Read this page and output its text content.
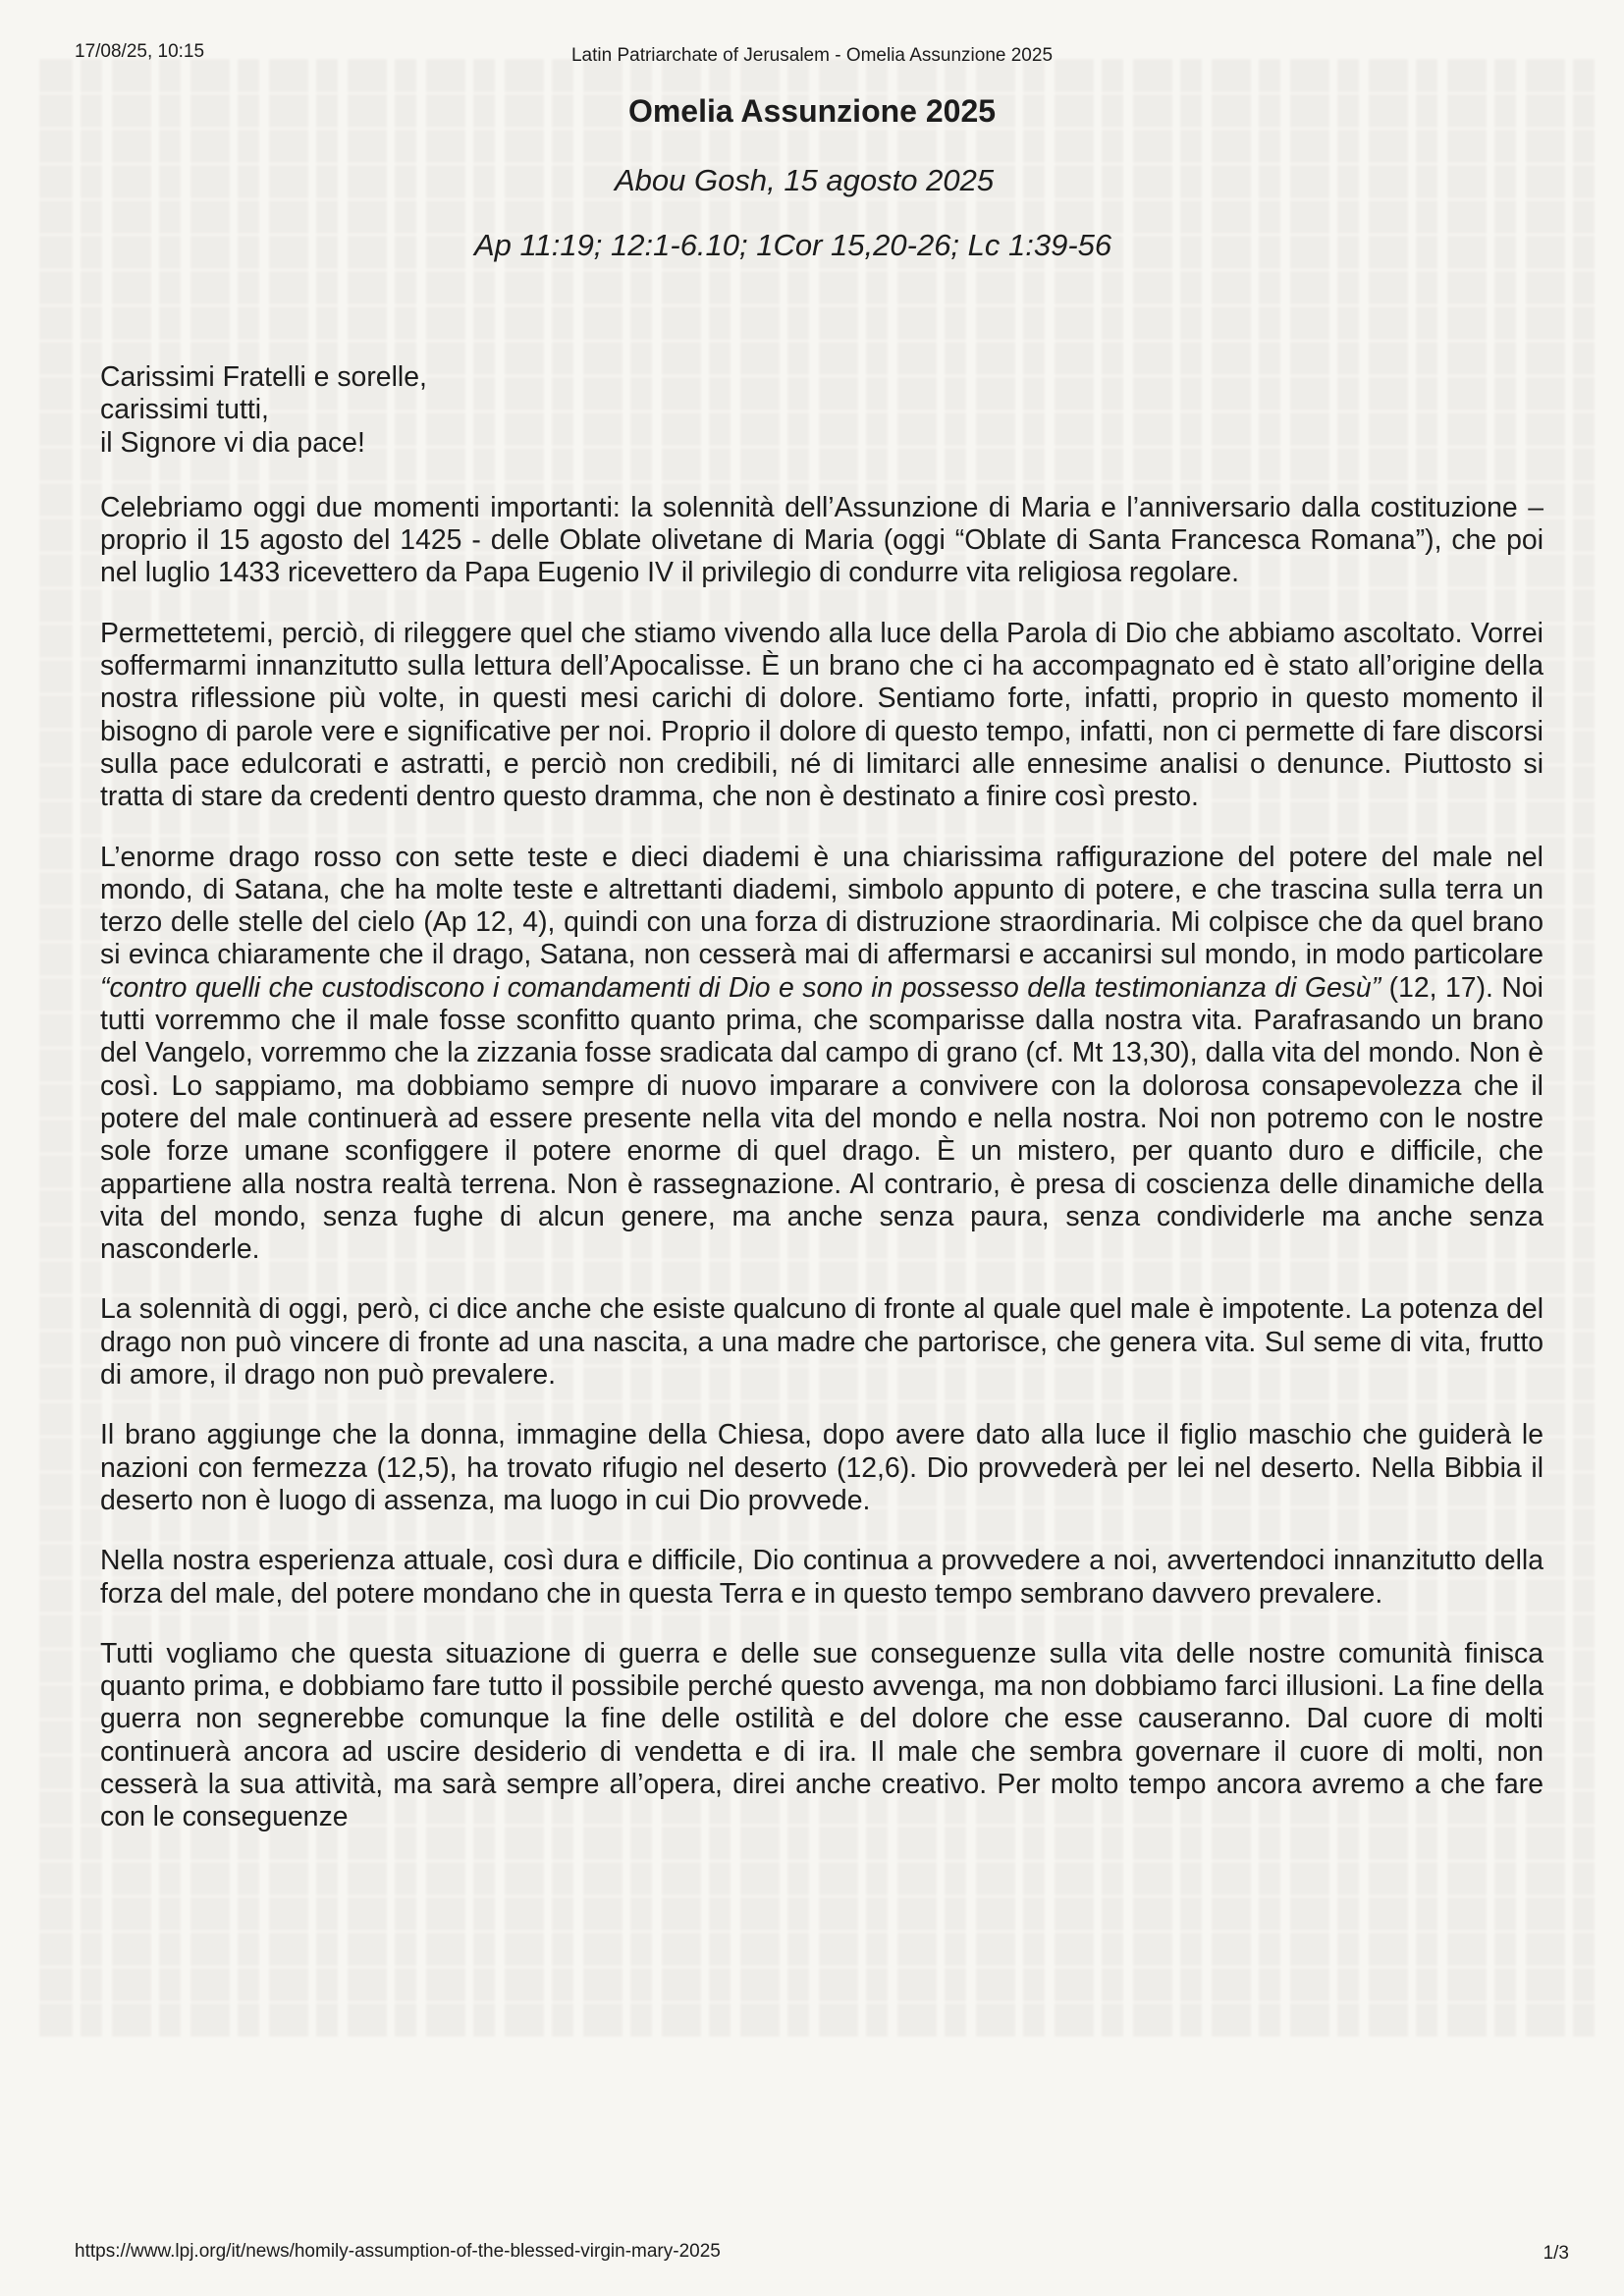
17/08/25, 10:15	Latin Patriarchate of Jerusalem - Omelia Assunzione 2025
Omelia Assunzione 2025
Abou Gosh, 15 agosto 2025
Ap 11:19; 12:1-6.10; 1Cor 15,20-26; Lc 1:39-56
Carissimi Fratelli e sorelle,
carissimi tutti,
il Signore vi dia pace!

Celebriamo oggi due momenti importanti: la solennità dell’Assunzione di Maria e l’anniversario dalla costituzione – proprio il 15 agosto del 1425 - delle Oblate olivetane di Maria (oggi “Oblate di Santa Francesca Romana”), che poi nel luglio 1433 ricevettero da Papa Eugenio IV il privilegio di condurre vita religiosa regolare.

Permettetemi, perciò, di rileggere quel che stiamo vivendo alla luce della Parola di Dio che abbiamo ascoltato. Vorrei soffermarmi innanzitutto sulla lettura dell’Apocalisse. È un brano che ci ha accompagnato ed è stato all’origine della nostra riflessione più volte, in questi mesi carichi di dolore. Sentiamo forte, infatti, proprio in questo momento il bisogno di parole vere e significative per noi. Proprio il dolore di questo tempo, infatti, non ci permette di fare discorsi sulla pace edulcorati e astratti, e perciò non credibili, né di limitarci alle ennesime analisi o denunce. Piuttosto si tratta di stare da credenti dentro questo dramma, che non è destinato a finire così presto.

L’enorme drago rosso con sette teste e dieci diademi è una chiarissima raffigurazione del potere del male nel mondo, di Satana, che ha molte teste e altrettanti diademi, simbolo appunto di potere, e che trascina sulla terra un terzo delle stelle del cielo (Ap 12, 4), quindi con una forza di distruzione straordinaria. Mi colpisce che da quel brano si evinca chiaramente che il drago, Satana, non cesserà mai di affermarsi e accanirsi sul mondo, in modo particolare “contro quelli che custodiscono i comandamenti di Dio e sono in possesso della testimonianza di Gesù” (12, 17). Noi tutti vorremmo che il male fosse sconfitto quanto prima, che scomparisse dalla nostra vita. Parafrasando un brano del Vangelo, vorremmo che la zizzania fosse sradicata dal campo di grano (cf. Mt 13,30), dalla vita del mondo. Non è così. Lo sappiamo, ma dobbiamo sempre di nuovo imparare a convivere con la dolorosa consapevolezza che il potere del male continuerà ad essere presente nella vita del mondo e nella nostra. Noi non potremo con le nostre sole forze umane sconfiggere il potere enorme di quel drago. È un mistero, per quanto duro e difficile, che appartiene alla nostra realtà terrena. Non è rassegnazione. Al contrario, è presa di coscienza delle dinamiche della vita del mondo, senza fughe di alcun genere, ma anche senza paura, senza condividerle ma anche senza nasconderle.

La solennità di oggi, però, ci dice anche che esiste qualcuno di fronte al quale quel male è impotente. La potenza del drago non può vincere di fronte ad una nascita, a una madre che partorisce, che genera vita. Sul seme di vita, frutto di amore, il drago non può prevalere.

Il brano aggiunge che la donna, immagine della Chiesa, dopo avere dato alla luce il figlio maschio che guiderà le nazioni con fermezza (12,5), ha trovato rifugio nel deserto (12,6). Dio provvederà per lei nel deserto. Nella Bibbia il deserto non è luogo di assenza, ma luogo in cui Dio provvede.

Nella nostra esperienza attuale, così dura e difficile, Dio continua a provvedere a noi, avvertendoci innanzitutto della forza del male, del potere mondano che in questa Terra e in questo tempo sembrano davvero prevalere.

Tutti vogliamo che questa situazione di guerra e delle sue conseguenze sulla vita delle nostre comunità finisca quanto prima, e dobbiamo fare tutto il possibile perché questo avvenga, ma non dobbiamo farci illusioni. La fine della guerra non segnerebbe comunque la fine delle ostilità e del dolore che esse causeranno. Dal cuore di molti continuerà ancora ad uscire desiderio di vendetta e di ira. Il male che sembra governare il cuore di molti, non cesserà la sua attività, ma sarà sempre all’opera, direi anche creativo. Per molto tempo ancora avremo a che fare con le conseguenze

https://www.lpj.org/it/news/homily-assumption-of-the-blessed-virgin-mary-2025	1/3
